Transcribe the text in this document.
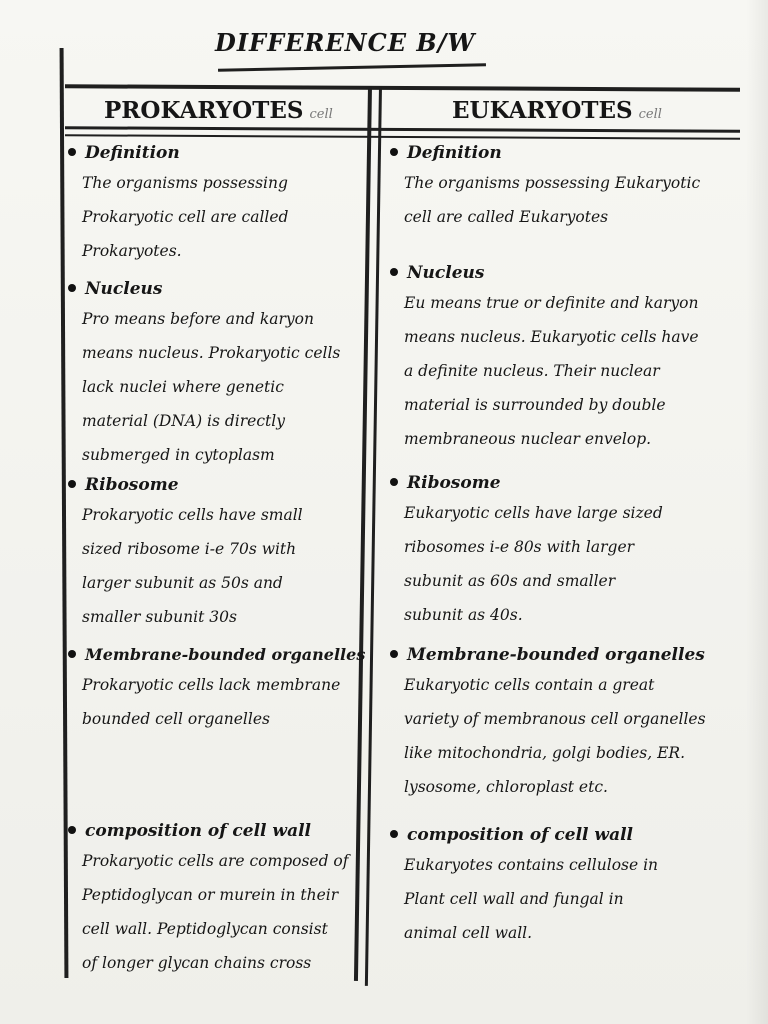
DIFFERENCE B/W
PROKARYOTES cell	EUKARYOTES cell
Definition
The organisms possessing
Prokaryotic cell are called
Prokaryotes.
Nucleus
Pro means before and karyon
means nucleus. Prokaryotic cells
lack nuclei where genetic
material (DNA) is directly
submerged in cytoplasm
Ribosome
Prokaryotic cells have small
sized ribosome i-e 70s with
larger subunit as 50s and
smaller subunit 30s
Membrane-bounded organelles
Prokaryotic cells lack membrane
bounded cell organelles
composition of cell wall
Prokaryotic cells are composed of
Peptidoglycan or murein in their
cell wall. Peptidoglycan consist
of longer glycan chains cross
Definition
The organisms possessing Eukaryotic
cell are called Eukaryotes
Nucleus
Eu means true or definite and karyon
means nucleus. Eukaryotic cells have
a definite nucleus. Their nuclear
material is surrounded by double
membraneous nuclear envelop.
Ribosome
Eukaryotic cells have large sized
ribosomes i-e 80s with larger
subunit as 60s and smaller
subunit as 40s.
Membrane-bounded organelles
Eukaryotic cells contain a great
variety of membranous cell organelles
like mitochondria, golgi bodies, ER.
lysosome, chloroplast etc.
composition of cell wall
Eukaryotes contains cellulose in
Plant cell wall and fungal in
animal cell wall.
